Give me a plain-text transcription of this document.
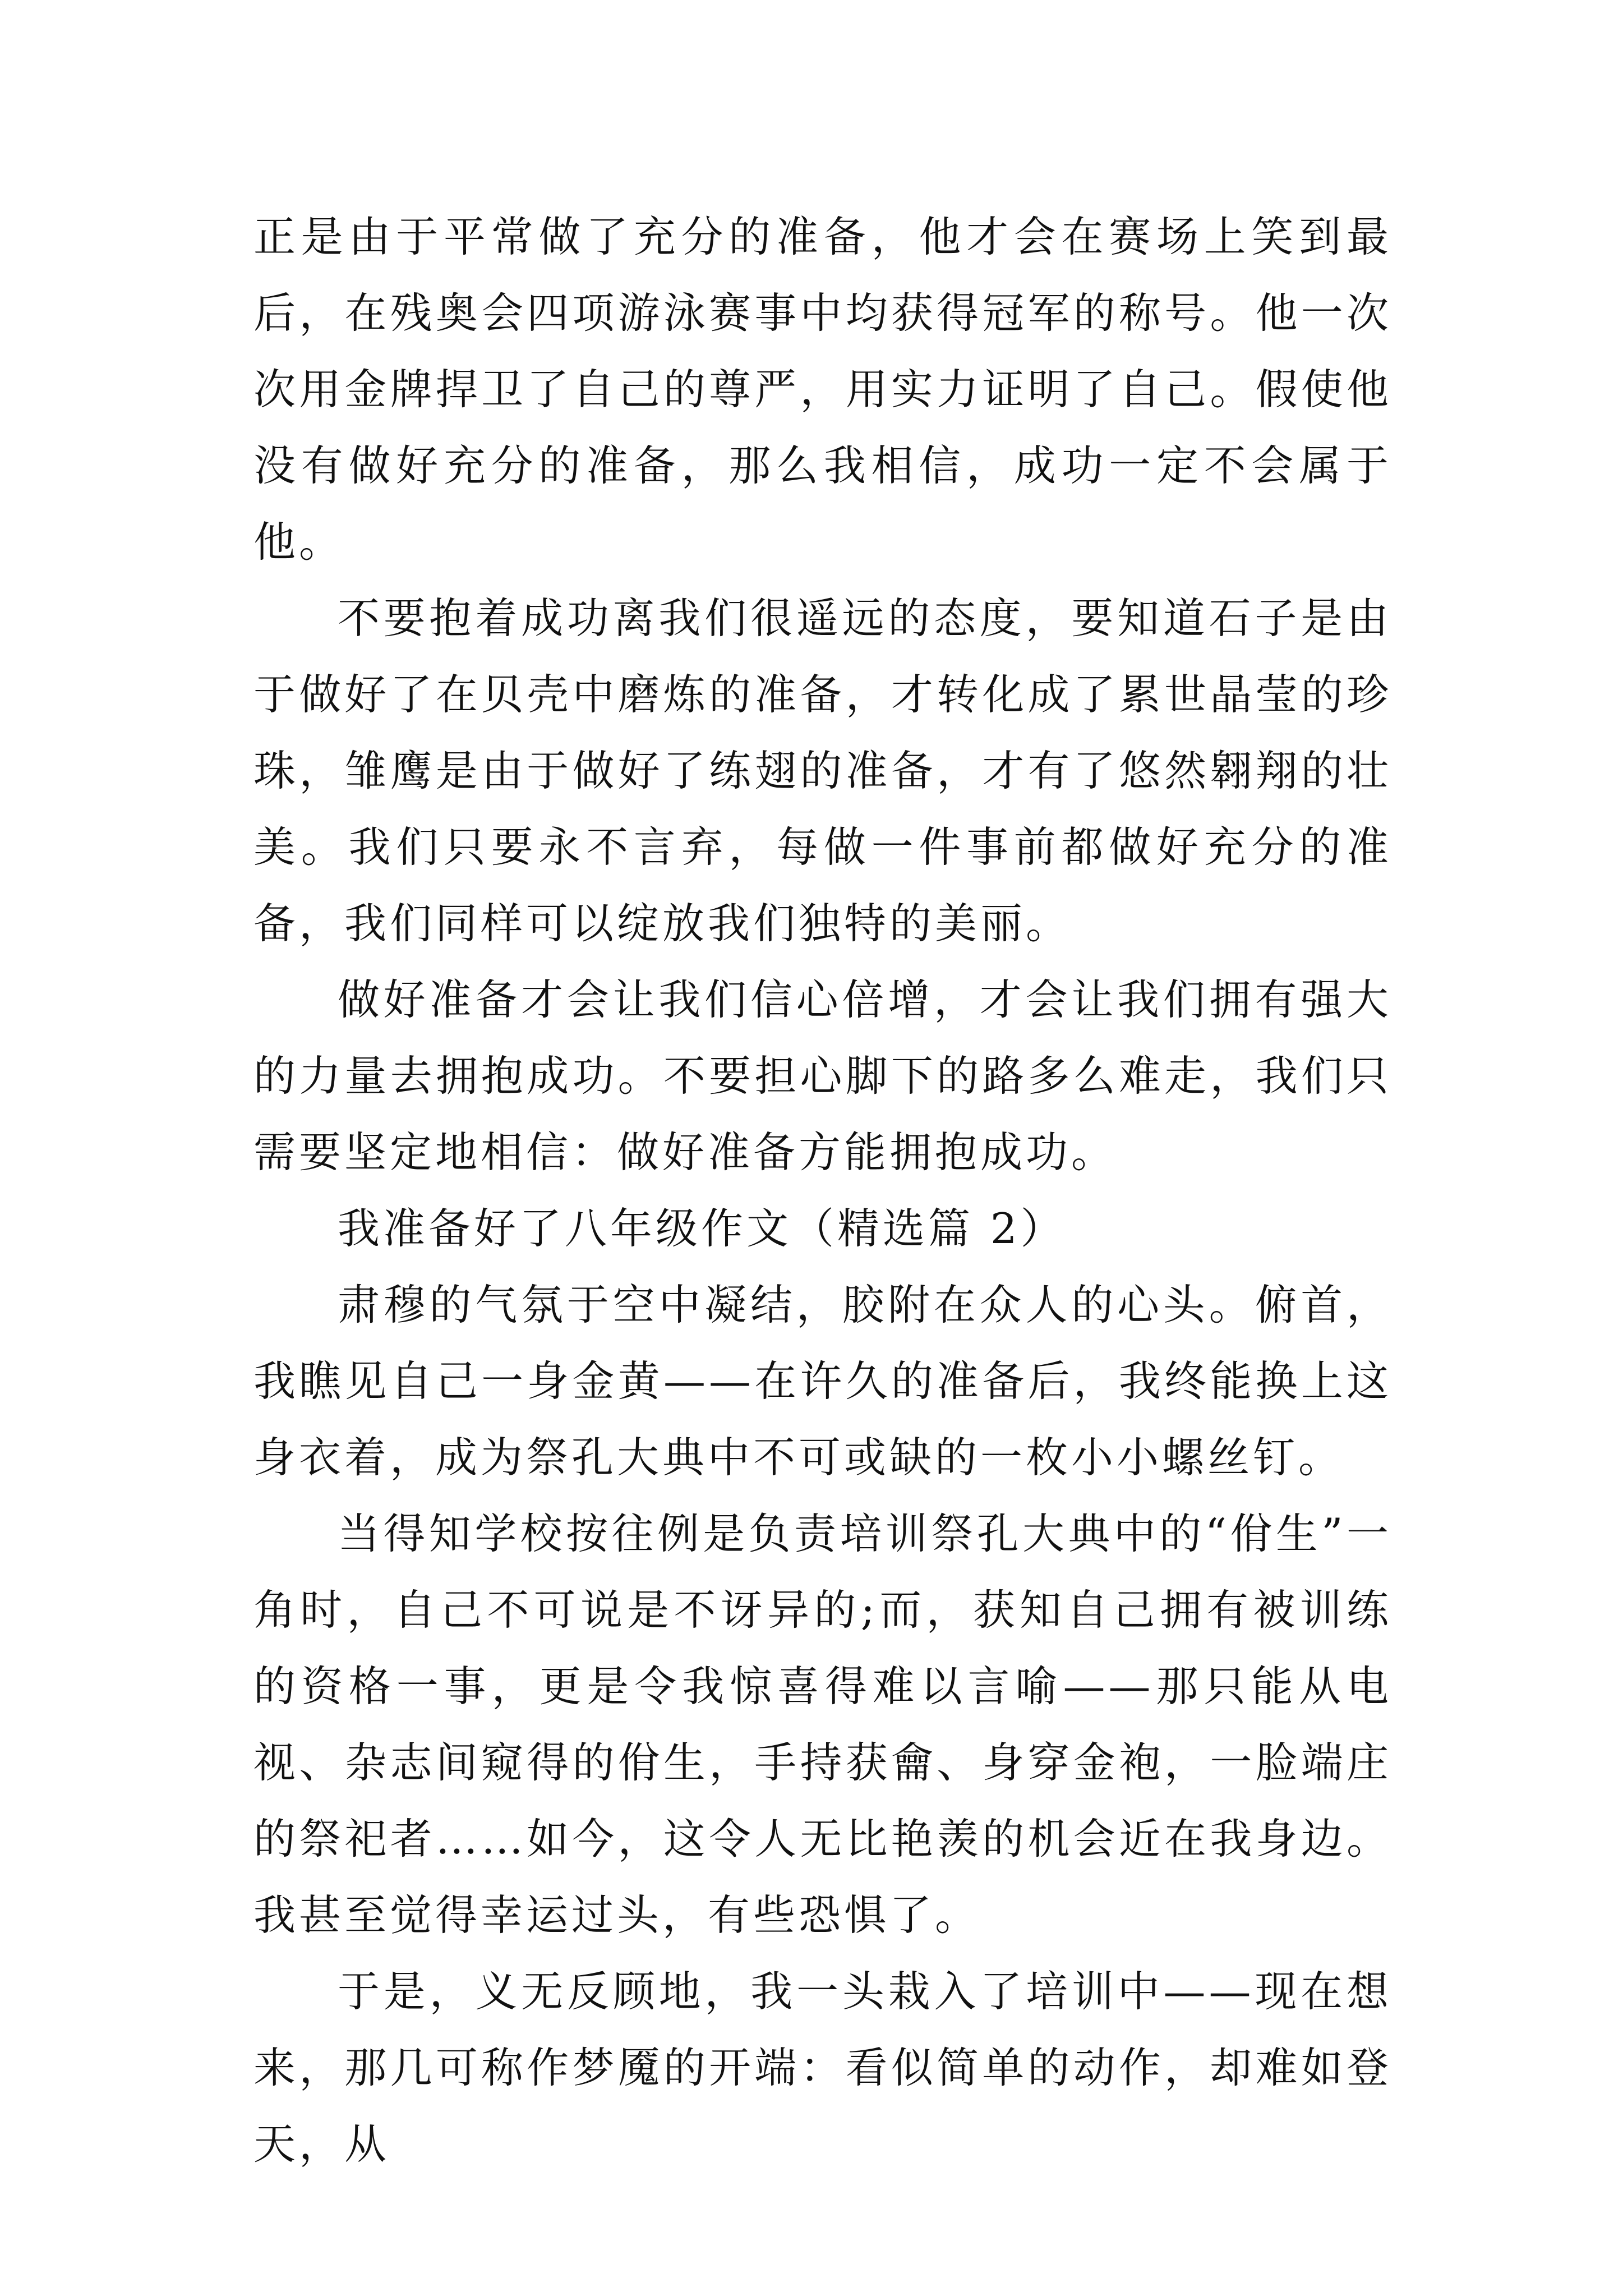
正是由于平常做了充分的准备，他才会在赛场上笑到最后，在残奥会四项游泳赛事中均获得冠军的称号。他一次次用金牌捍卫了自己的尊严，用实力证明了自己。假使他没有做好充分的准备，那么我相信，成功一定不会属于他。

不要抱着成功离我们很遥远的态度，要知道石子是由于做好了在贝壳中磨炼的准备，才转化成了累世晶莹的珍珠，雏鹰是由于做好了练翅的准备，才有了悠然翱翔的壮美。我们只要永不言弃，每做一件事前都做好充分的准备，我们同样可以绽放我们独特的美丽。

做好准备才会让我们信心倍增，才会让我们拥有强大的力量去拥抱成功。不要担心脚下的路多么难走，我们只需要坚定地相信：做好准备方能拥抱成功。

我准备好了八年级作文（精选篇 2）

肃穆的气氛于空中凝结，胶附在众人的心头。俯首，我瞧见自己一身金黄——在许久的准备后，我终能换上这身衣着，成为祭孔大典中不可或缺的一枚小小螺丝钉。

当得知学校按往例是负责培训祭孔大典中的“佾生”一角时，自己不可说是不讶异的;而，获知自己拥有被训练的资格一事，更是令我惊喜得难以言喻——那只能从电视、杂志间窥得的佾生，手持获龠、身穿金袍，一脸端庄的祭祀者……如今，这令人无比艳羡的机会近在我身边。我甚至觉得幸运过头，有些恐惧了。

于是，义无反顾地，我一头栽入了培训中——现在想来，那几可称作梦魇的开端：看似简单的动作，却难如登天，从
